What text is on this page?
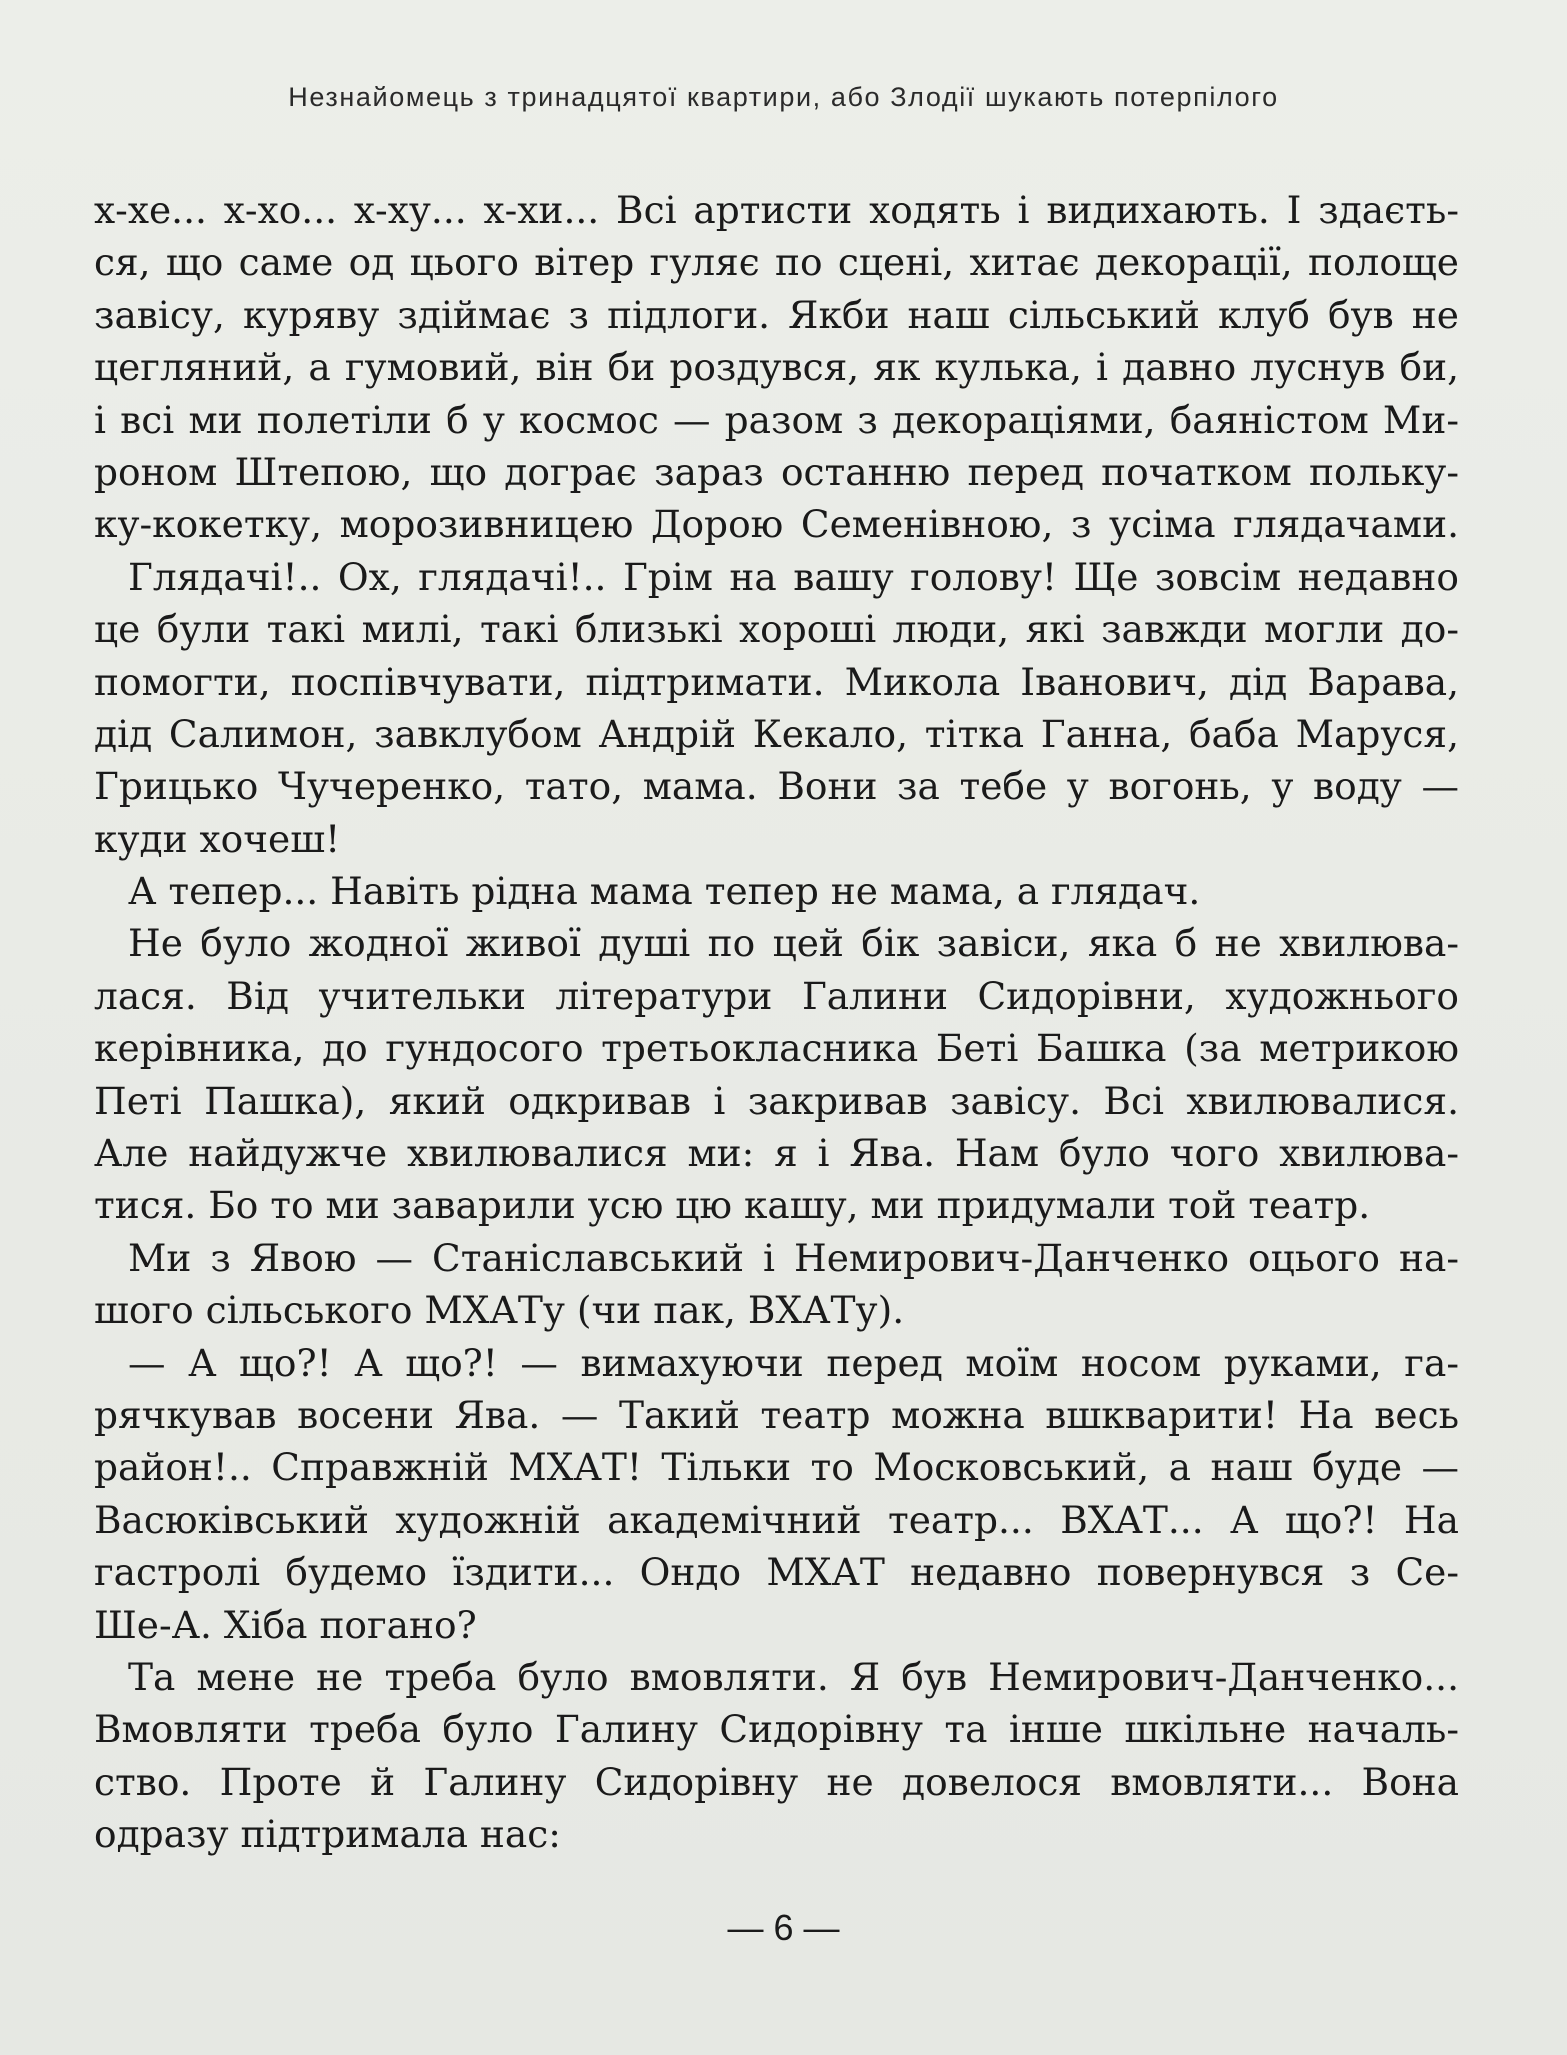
Незнайомець з тринадцятої квартири, або Злодії шукають потерпілого

х-хе... х-хо... х-ху... х-хи... Всі артисти ходять і видихають. І здаєть-
ся, що саме од цього вітер гуляє по сцені, хитає декорації, полоще
завісу, куряву здіймає з підлоги. Якби наш сільський клуб був не
цегляний, а гумовий, він би роздувся, як кулька, і давно луснув би,
і всі ми полетіли б у космос — разом з декораціями, баяністом Ми-
роном Штепою, що дограє зараз останню перед початком польку-
ку-кокетку, морозивницею Дорою Семенівною, з усіма глядачами.
Глядачі!.. Ох, глядачі!.. Грім на вашу голову! Ще зовсім недавно
це були такі милі, такі близькі хороші люди, які завжди могли до-
помогти, поспівчувати, підтримати. Микола Іванович, дід Варава,
дід Салимон, завклубом Андрій Кекало, тітка Ганна, баба Маруся,
Грицько Чучеренко, тато, мама. Вони за тебе у вогонь, у воду —
куди хочеш!
А тепер... Навіть рідна мама тепер не мама, а глядач.
Не було жодної живої душі по цей бік завіси, яка б не хвилюва-
лася. Від учительки літератури Галини Сидорівни, художнього
керівника, до гундосого третьокласника Беті Башка (за метрикою
Петі Пашка), який одкривав і закривав завісу. Всі хвилювалися.
Але найдужче хвилювалися ми: я і Ява. Нам було чого хвилюва-
тися. Бо то ми заварили усю цю кашу, ми придумали той театр.
Ми з Явою — Станіславський і Немирович-Данченко оцього на-
шого сільського МХАТу (чи пак, ВХАТу).
— А що?! А що?! — вимахуючи перед моїм носом руками, га-
рячкував восени Ява. — Такий театр можна вшкварити! На весь
район!.. Справжній МХАТ! Тільки то Московський, а наш буде —
Васюківський художній академічний театр... ВХАТ... А що?! На
гастролі будемо їздити... Ондо МХАТ недавно повернувся з Се-
Ше-А. Хіба погано?
Та мене не треба було вмовляти. Я був Немирович-Данченко...
Вмовляти треба було Галину Сидорівну та інше шкільне началь-
ство. Проте й Галину Сидорівну не довелося вмовляти... Вона
одразу підтримала нас:

— 6 —
